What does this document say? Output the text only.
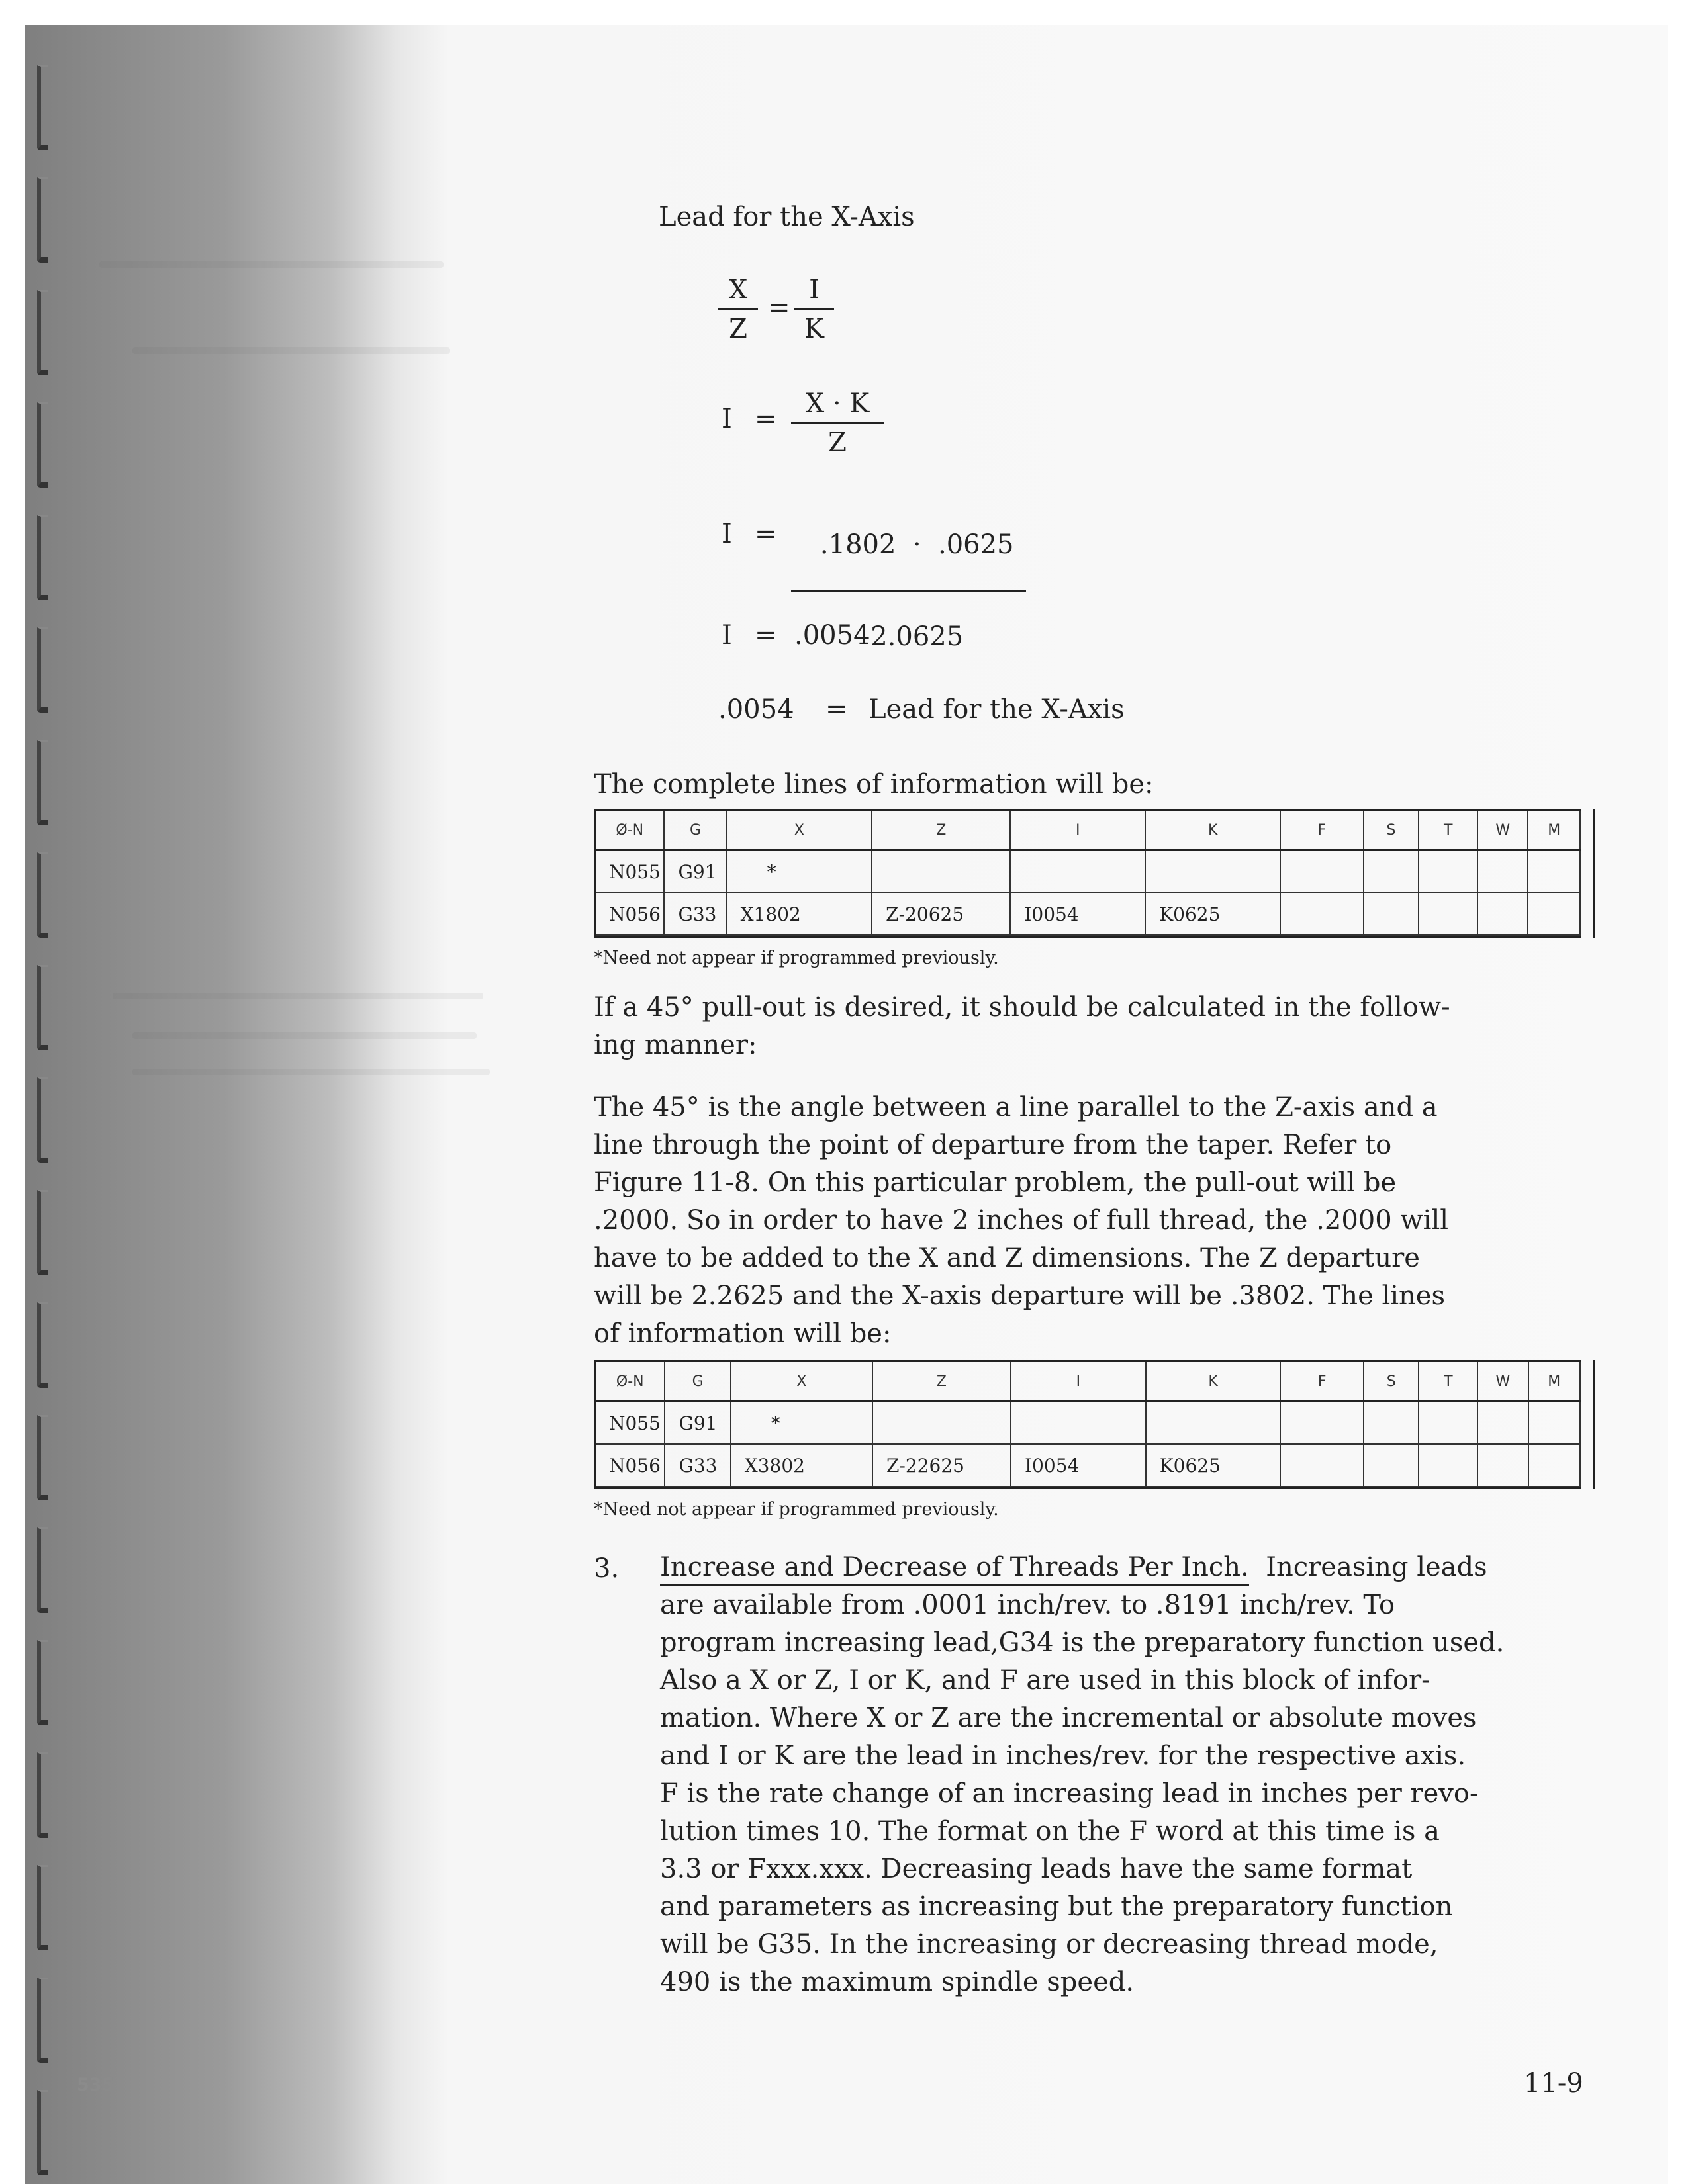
535	11-9
Lead for the X-Axis
X
Z
=
I
K
I =	X · K
Z
I =	.1802  ·  .0625

2.0625

I = .0054
.0054 = Lead for the X-Axis
The complete lines of information will be:
Ø-N	G	X	Z	I	K	F	S	T	W	M
N055	G91	*								
N056	G33	X1802	Z-20625	I0054	K0625					
*Need not appear if programmed previously.
If a 45° pull-out is desired, it should be calculated in the follow-
ing manner:
The 45° is the angle between a line parallel to the Z-axis and a
line through the point of departure from the taper. Refer to
Figure 11-8. On this particular problem, the pull-out will be
.2000. So in order to have 2 inches of full thread, the .2000 will
have to be added to the X and Z dimensions. The Z departure
will be 2.2625 and the X-axis departure will be .3802. The lines
of information will be:
Ø-N	G	X	Z	I	K	F	S	T	W	M
N055	G91	*								
N056	G33	X3802	Z-22625	I0054	K0625					
*Need not appear if programmed previously.
3. Increase and Decrease of Threads Per Inch. Increasing leads
are available from .0001 inch/rev. to .8191 inch/rev. To
program increasing lead,G34 is the preparatory function used.
Also a X or Z, I or K, and F are used in this block of infor-
mation. Where X or Z are the incremental or absolute moves
and I or K are the lead in inches/rev. for the respective axis.
F is the rate change of an increasing lead in inches per revo-
lution times 10. The format on the F word at this time is a
3.3 or Fxxx.xxx. Decreasing leads have the same format
and parameters as increasing but the preparatory function
will be G35. In the increasing or decreasing thread mode,
490 is the maximum spindle speed.
